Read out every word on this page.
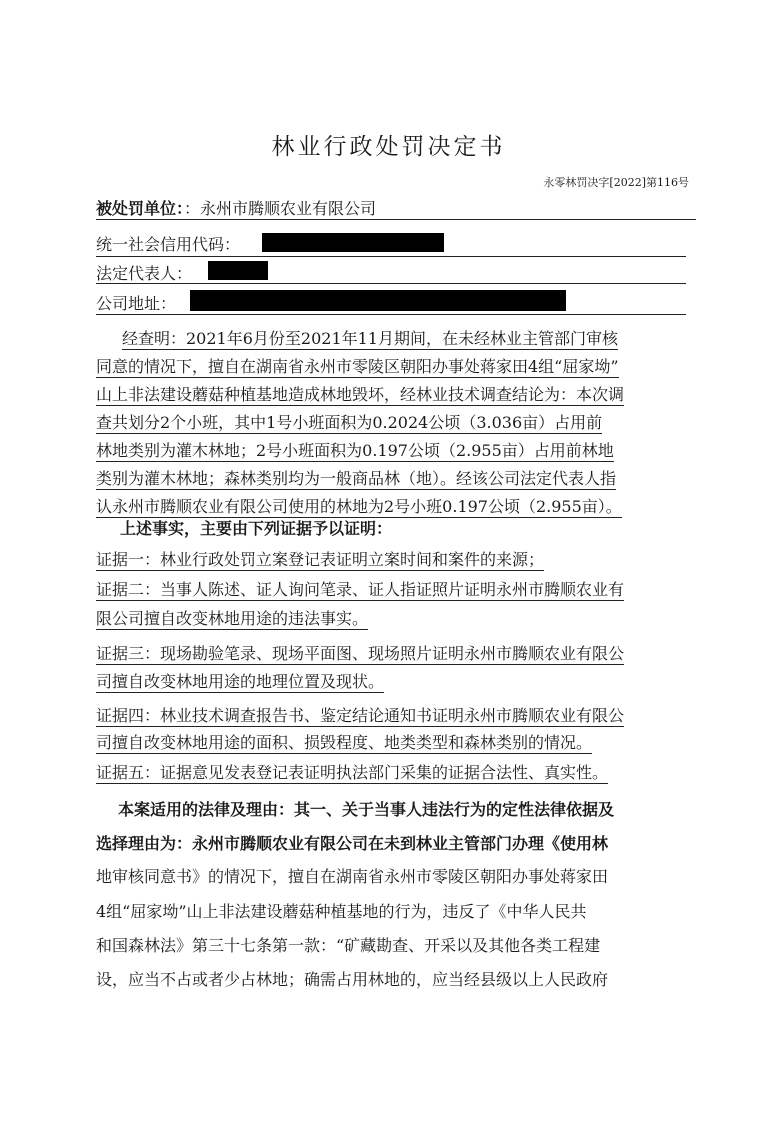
林业行政处罚决定书
永零林罚决字[2022]第116号
被处罚单位：：永州市腾顺农业有限公司
统一社会信用代码：
法定代表人：
公司地址：
经查明：2021年6月份至2021年11月期间，在未经林业主管部门审核
同意的情况下，擅自在湖南省永州市零陵区朝阳办事处蒋家田4组“屈家坳”
山上非法建设蘑菇种植基地造成林地毁坏，经林业技术调查结论为：本次调
查共划分2个小班，其中1号小班面积为0.2024公顷（3.036亩）占用前
林地类别为灌木林地；2号小班面积为0.197公顷（2.955亩）占用前林地
类别为灌木林地；森林类别均为一般商品林（地）。经该公司法定代表人指
认永州市腾顺农业有限公司使用的林地为2号小班0.197公顷（2.955亩）。
上述事实，主要由下列证据予以证明：
证据一：林业行政处罚立案登记表证明立案时间和案件的来源；
证据二：当事人陈述、证人询问笔录、证人指证照片证明永州市腾顺农业有
限公司擅自改变林地用途的违法事实。
证据三：现场勘验笔录、现场平面图、现场照片证明永州市腾顺农业有限公
司擅自改变林地用途的地理位置及现状。
证据四：林业技术调查报告书、鉴定结论通知书证明永州市腾顺农业有限公
司擅自改变林地用途的面积、损毁程度、地类类型和森林类别的情况。
证据五：证据意见发表登记表证明执法部门采集的证据合法性、真实性。
本案适用的法律及理由：其一、关于当事人违法行为的定性法律依据及
选择理由为：永州市腾顺农业有限公司在未到林业主管部门办理《使用林
地审核同意书》的情况下，擅自在湖南省永州市零陵区朝阳办事处蒋家田
4组“屈家坳”山上非法建设蘑菇种植基地的行为，违反了《中华人民共
和国森林法》第三十七条第一款：“矿藏勘查、开采以及其他各类工程建
设，应当不占或者少占林地；确需占用林地的，应当经县级以上人民政府
